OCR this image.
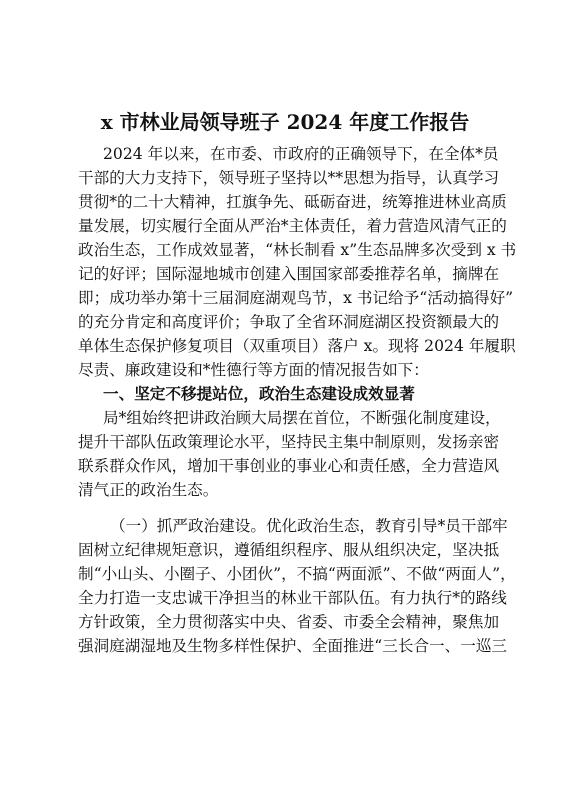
x 市林业局领导班子 2024 年度工作报告
2024 年以来，在市委、市政府的正确领导下，在全体*员
干部的大力支持下，领导班子坚持以**思想为指导，认真学习
贯彻*的二十大精神，扛旗争先、砥砺奋进，统筹推进林业高质
量发展，切实履行全面从严治*主体责任，着力营造风清气正的
政治生态，工作成效显著，“林长制看 x”生态品牌多次受到 x 书
记的好评；国际湿地城市创建入围国家部委推荐名单，摘牌在
即；成功举办第十三届洞庭湖观鸟节，x 书记给予“活动搞得好”
的充分肯定和高度评价；争取了全省环洞庭湖区投资额最大的
单体生态保护修复项目（双重项目）落户 x。现将 2024 年履职
尽责、廉政建设和*性德行等方面的情况报告如下：
一、坚定不移提站位，政治生态建设成效显著
局*组始终把讲政治顾大局摆在首位，不断强化制度建设，
提升干部队伍政策理论水平，坚持民主集中制原则，发扬亲密
联系群众作风，增加干事创业的事业心和责任感，全力营造风
清气正的政治生态。
（一）抓严政治建设。优化政治生态，教育引导*员干部牢
固树立纪律规矩意识，遵循组织程序、服从组织决定，坚决抵
制“小山头、小圈子、小团伙”，不搞“两面派”、不做“两面人”，
全力打造一支忠诚干净担当的林业干部队伍。有力执行*的路线
方针政策，全力贯彻落实中央、省委、市委全会精神，聚焦加
强洞庭湖湿地及生物多样性保护、全面推进“三长合一、一巡三
